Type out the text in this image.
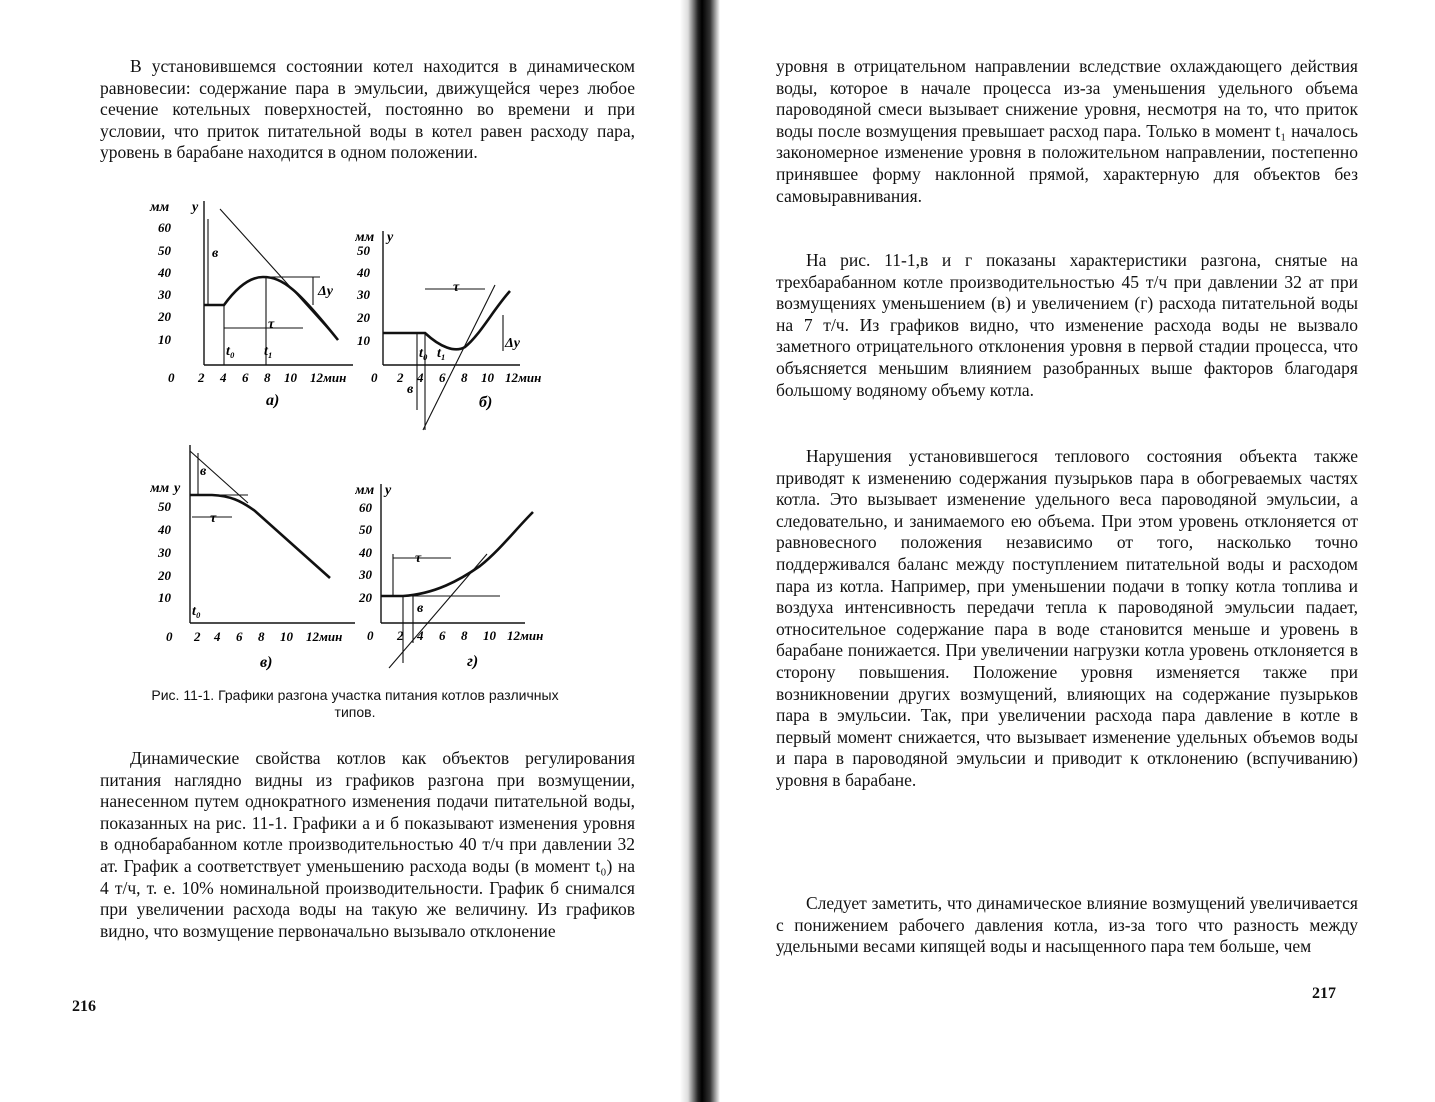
В установившемся состоянии котел находится в динамическом равновесии: содержание пара в эмульсии, движущейся через любое сечение котельных поверхностей, постоянно во времени и при условии, что приток питательной воды в котел равен расходу пара, уровень в барабане находится в одном положении.

мм у
60
50
40
30
20
10
0 2 4 6 8 10 12мин
в
τ
t₀ t₁
Δу
а)
мм у
50
40
30
20
10
0 2 4 6 8 10 12мин
τ
в
t₀ t₁
Δу
б)
мм у
50
40
30
20
10
0 2 4 6 8 10 12мин
в
τ
t₀
в)
мм у
60
50
40
30
20
0 2 4 6 8 10 12мин
τ
в
г)
Рис. 11-1. Графики разгона участка питания котлов различных типов.

Динамические свойства котлов как объектов регулирования питания наглядно видны из графиков разгона при возмущении, нанесенном путем однократного изменения подачи питательной воды, показанных на рис. 11-1. Графики а и б показывают изменения уровня в однобарабанном котле производительностью 40 т/ч при давлении 32 ат. График а соответствует уменьшению расхода воды (в момент t₀) на 4 т/ч, т. е. 10% номинальной производительности. График б снимался при увеличении расхода воды на такую же величину. Из графиков видно, что возмущение первоначально вызывало отклонение

216

уровня в отрицательном направлении вследствие охлаждающего действия воды, которое в начале процесса из-за уменьшения удельного объема пароводяной смеси вызывает снижение уровня, несмотря на то, что приток воды после возмущения превышает расход пара. Только в момент t₁ началось закономерное изменение уровня в положительном направлении, постепенно принявшее форму наклонной прямой, характерную для объектов без самовыравнивания.

На рис. 11-1,в и г показаны характеристики разгона, снятые на трехбарабанном котле производительностью 45 т/ч при давлении 32 ат при возмущениях уменьшением (в) и увеличением (г) расхода питательной воды на 7 т/ч. Из графиков видно, что изменение расхода воды не вызвало заметного отрицательного отклонения уровня в первой стадии процесса, что объясняется меньшим влиянием разобранных выше факторов благодаря большому водяному объему котла.

Нарушения установившегося теплового состояния объекта также приводят к изменению содержания пузырьков пара в обогреваемых частях котла. Это вызывает изменение удельного веса пароводяной эмульсии, а следовательно, и занимаемого ею объема. При этом уровень отклоняется от равновесного положения независимо от того, насколько точно поддерживался баланс между поступлением питательной воды и расходом пара из котла. Например, при уменьшении подачи в топку котла топлива и воздуха интенсивность передачи тепла к пароводяной эмульсии падает, относительное содержание пара в воде становится меньше и уровень в барабане понижается. При увеличении нагрузки котла уровень отклоняется в сторону повышения. Положение уровня изменяется также при возникновении других возмущений, влияющих на содержание пузырьков пара в эмульсии. Так, при увеличении расхода пара давление в котле в первый момент снижается, что вызывает изменение удельных объемов воды и пара в пароводяной эмульсии и приводит к отклонению (вспучиванию) уровня в барабане.

Следует заметить, что динамическое влияние возмущений увеличивается с понижением рабочего давления котла, из-за того что разность между удельными весами кипящей воды и насыщенного пара тем больше, чем

217
